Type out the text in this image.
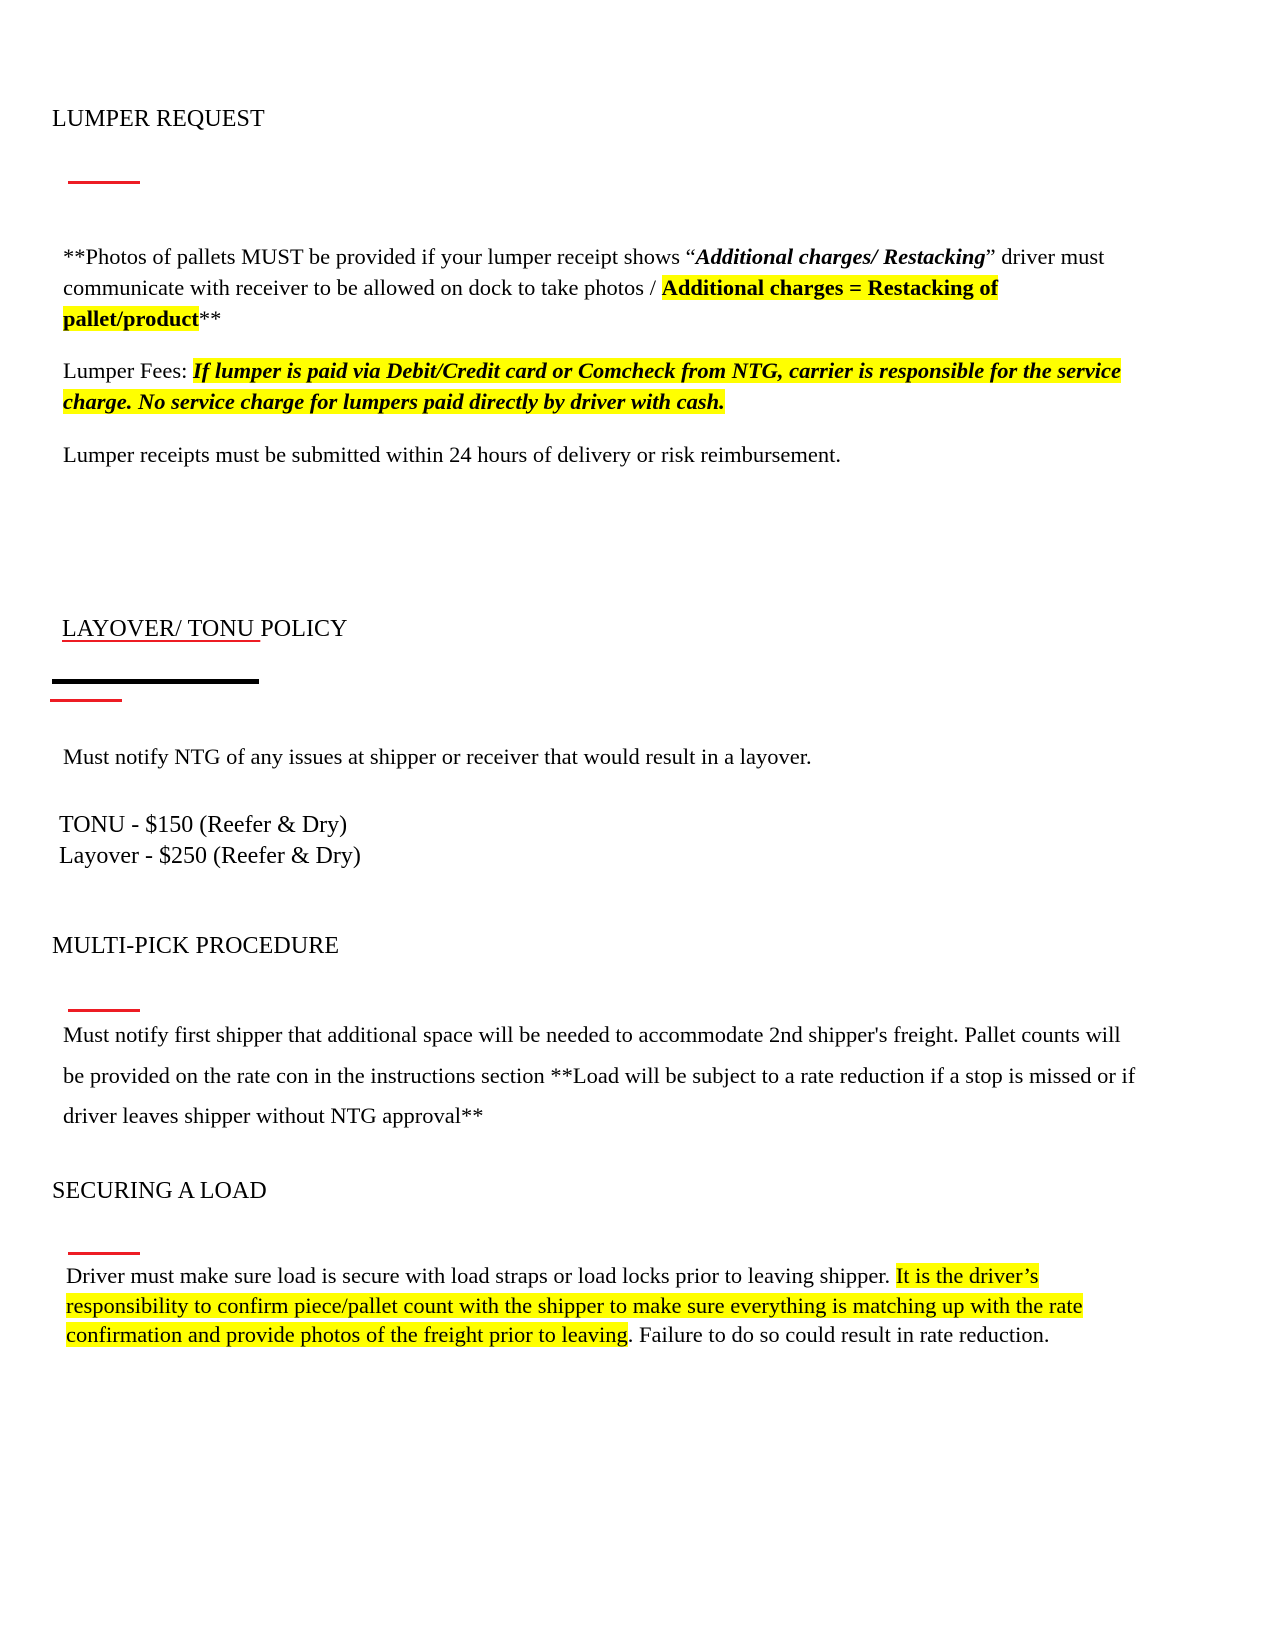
LUMPER REQUEST
**Photos of pallets MUST be provided if your lumper receipt shows “Additional charges/ Restacking” driver must communicate with receiver to be allowed on dock to take photos / Additional charges = Restacking of pallet/product**
Lumper Fees: If lumper is paid via Debit/Credit card or Comcheck from NTG, carrier is responsible for the service charge. No service charge for lumpers paid directly by driver with cash.
Lumper receipts must be submitted within 24 hours of delivery or risk reimbursement.
LAYOVER/ TONU POLICY
Must notify NTG of any issues at shipper or receiver that would result in a layover.
TONU - $150 (Reefer & Dry)
Layover - $250 (Reefer & Dry)
MULTI-PICK PROCEDURE
Must notify first shipper that additional space will be needed to accommodate 2nd shipper's freight. Pallet counts will be provided on the rate con in the instructions section **Load will be subject to a rate reduction if a stop is missed or if driver leaves shipper without NTG approval**
SECURING A LOAD
Driver must make sure load is secure with load straps or load locks prior to leaving shipper. It is the driver’s responsibility to confirm piece/pallet count with the shipper to make sure everything is matching up with the rate confirmation and provide photos of the freight prior to leaving. Failure to do so could result in rate reduction.
